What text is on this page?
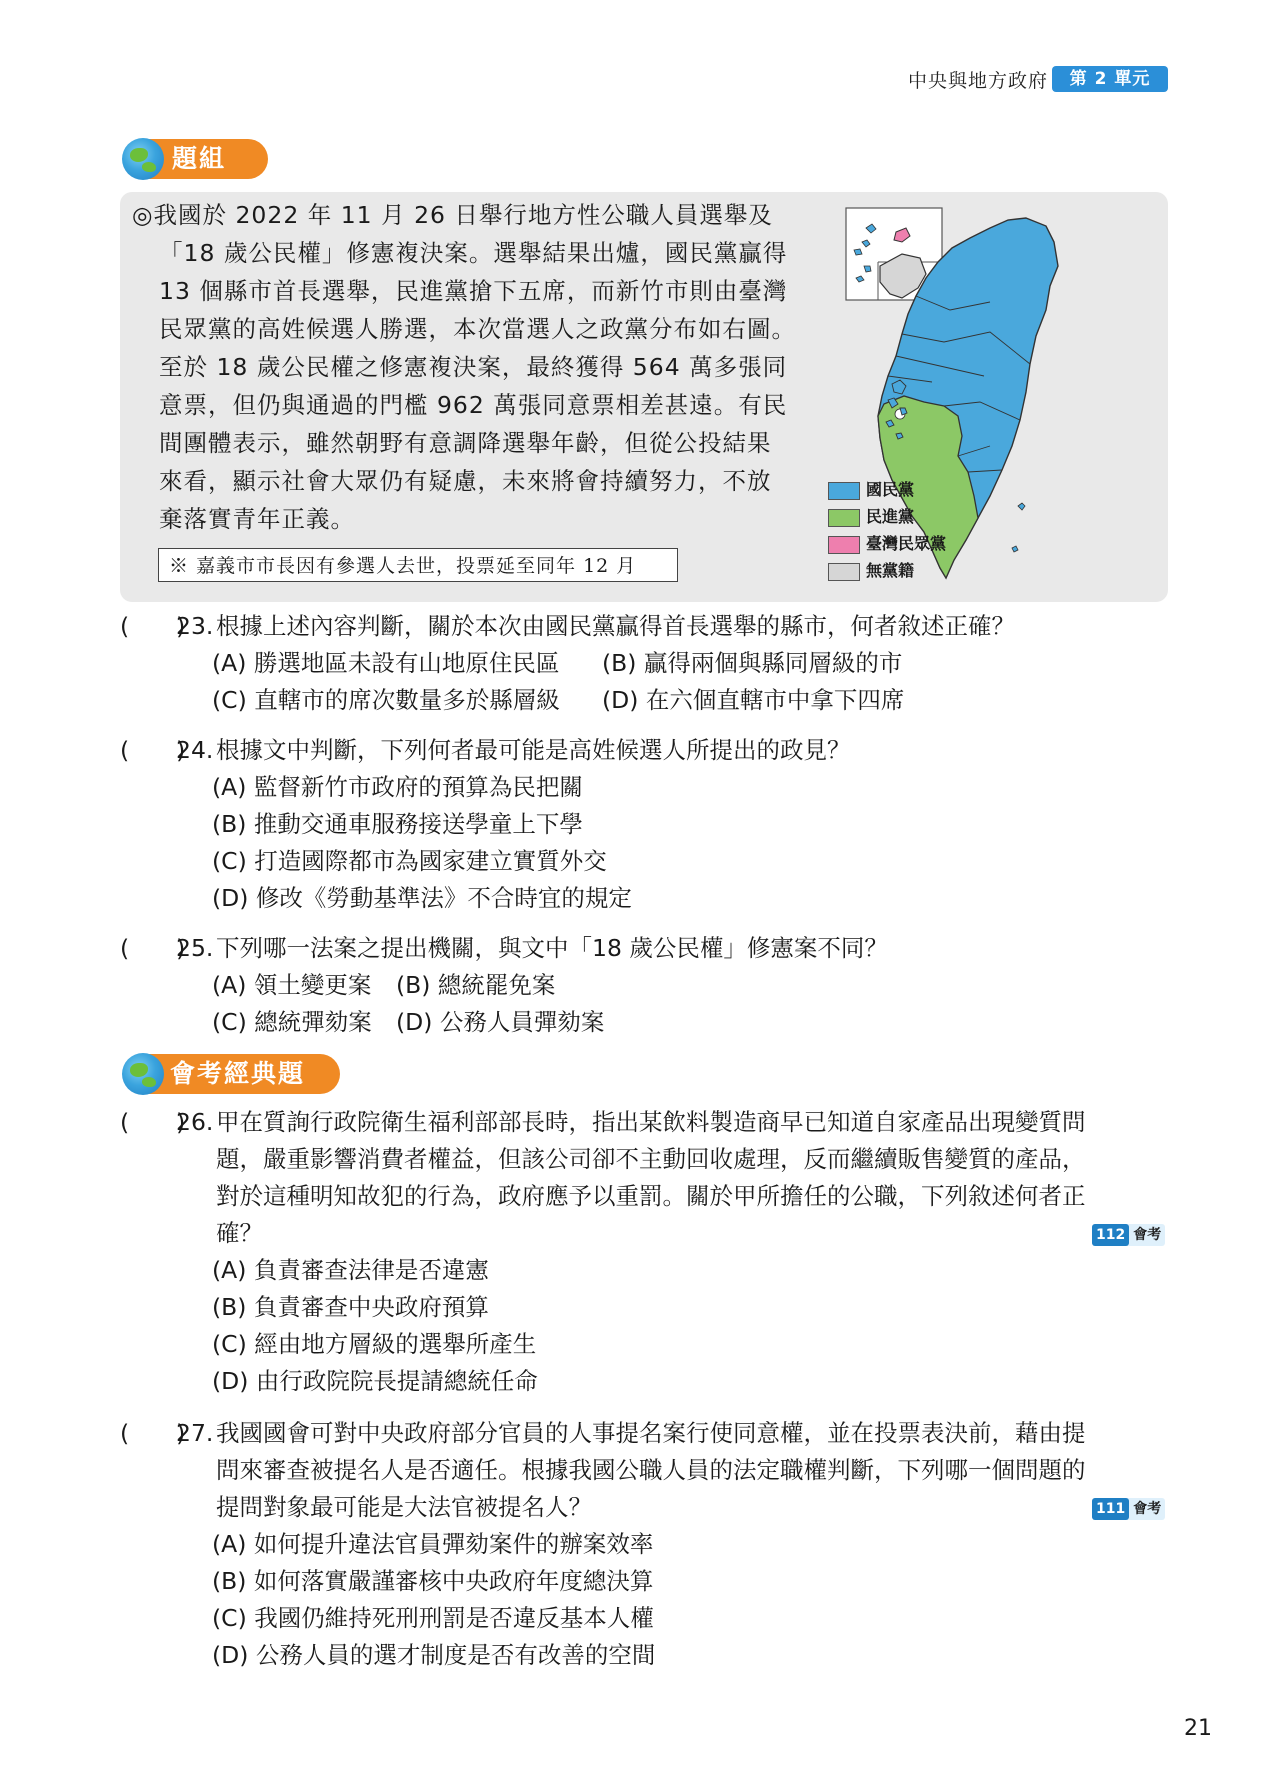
中央與地方政府	第 2 單元
題組
◎我國於 2022 年 11 月 26 日舉行地方性公職人員選舉及
「18 歲公民權」修憲複決案。選舉結果出爐，國民黨贏得
13 個縣市首長選舉，民進黨搶下五席，而新竹市則由臺灣
民眾黨的高姓候選人勝選，本次當選人之政黨分布如右圖。
至於 18 歲公民權之修憲複決案，最終獲得 564 萬多張同
意票，但仍與通過的門檻 962 萬張同意票相差甚遠。有民
間團體表示，雖然朝野有意調降選舉年齡，但從公投結果
來看，顯示社會大眾仍有疑慮，未來將會持續努力，不放
棄落實青年正義。
※ 嘉義市市長因有參選人去世，投票延至同年 12 月
國民黨
民進黨
臺灣民眾黨
無黨籍
(　　)
23. 根據上述內容判斷，關於本次由國民黨贏得首長選舉的縣市，何者敘述正確？
(A) 勝選地區未設有山地原住民區 (B) 贏得兩個與縣同層級的市
(C) 直轄市的席次數量多於縣層級 (D) 在六個直轄市中拿下四席
(　　)
24. 根據文中判斷，下列何者最可能是高姓候選人所提出的政見？
(A) 監督新竹市政府的預算為民把關
(B) 推動交通車服務接送學童上下學
(C) 打造國際都市為國家建立實質外交
(D) 修改《勞動基準法》不合時宜的規定
(　　)
25. 下列哪一法案之提出機關，與文中「18 歲公民權」修憲案不同？
(A) 領土變更案 (B) 總統罷免案
(C) 總統彈劾案 (D) 公務人員彈劾案
會考經典題
(　　)
26. 甲在質詢行政院衛生福利部部長時，指出某飲料製造商早已知道自家產品出現變質問
題，嚴重影響消費者權益，但該公司卻不主動回收處理，反而繼續販售變質的產品，
對於這種明知故犯的行為，政府應予以重罰。關於甲所擔任的公職，下列敘述何者正
確？	112 會考
(A) 負責審查法律是否違憲
(B) 負責審查中央政府預算
(C) 經由地方層級的選舉所產生
(D) 由行政院院長提請總統任命
(　　)
27. 我國國會可對中央政府部分官員的人事提名案行使同意權，並在投票表決前，藉由提
問來審查被提名人是否適任。根據我國公職人員的法定職權判斷，下列哪一個問題的
提問對象最可能是大法官被提名人？	111 會考
(A) 如何提升違法官員彈劾案件的辦案效率
(B) 如何落實嚴謹審核中央政府年度總決算
(C) 我國仍維持死刑刑罰是否違反基本人權
(D) 公務人員的選才制度是否有改善的空間
21
